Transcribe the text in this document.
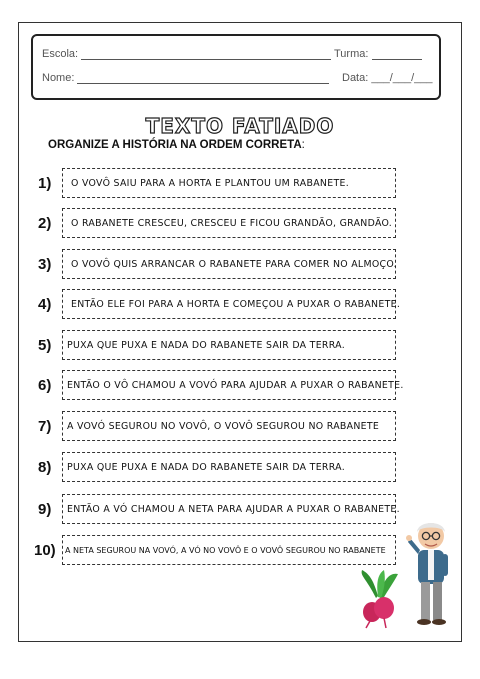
Escola:	Turma:
Nome:	Data: ___/___/___
TEXTO FATIADO
ORGANIZE A HISTÓRIA NA ORDEM CORRETA:
1)	O VOVÔ SAIU PARA A HORTA E PLANTOU UM RABANETE.
2)	O RABANETE CRESCEU, CRESCEU E FICOU GRANDÃO, GRANDÃO.
3)	O VOVÔ QUIS ARRANCAR O RABANETE PARA COMER NO ALMOÇO.
4)	ENTÃO ELE FOI PARA A HORTA E COMEÇOU A PUXAR O RABANETE.
5)	PUXA QUE PUXA E NADA DO RABANETE SAIR DA TERRA.
6)	ENTÃO O VÔ CHAMOU A VOVÓ PARA AJUDAR A PUXAR O RABANETE.
7)	A VOVÓ SEGUROU NO VOVÔ, O VOVÔ SEGUROU NO RABANETE
8)	PUXA QUE PUXA E NADA DO RABANETE SAIR DA TERRA.
9)	ENTÃO A VÓ CHAMOU A NETA PARA AJUDAR A PUXAR O RABANETE.
10) A NETA SEGUROU NA VOVÓ, A VÓ NO VOVÔ E O VOVÔ SEGUROU NO RABANETE
